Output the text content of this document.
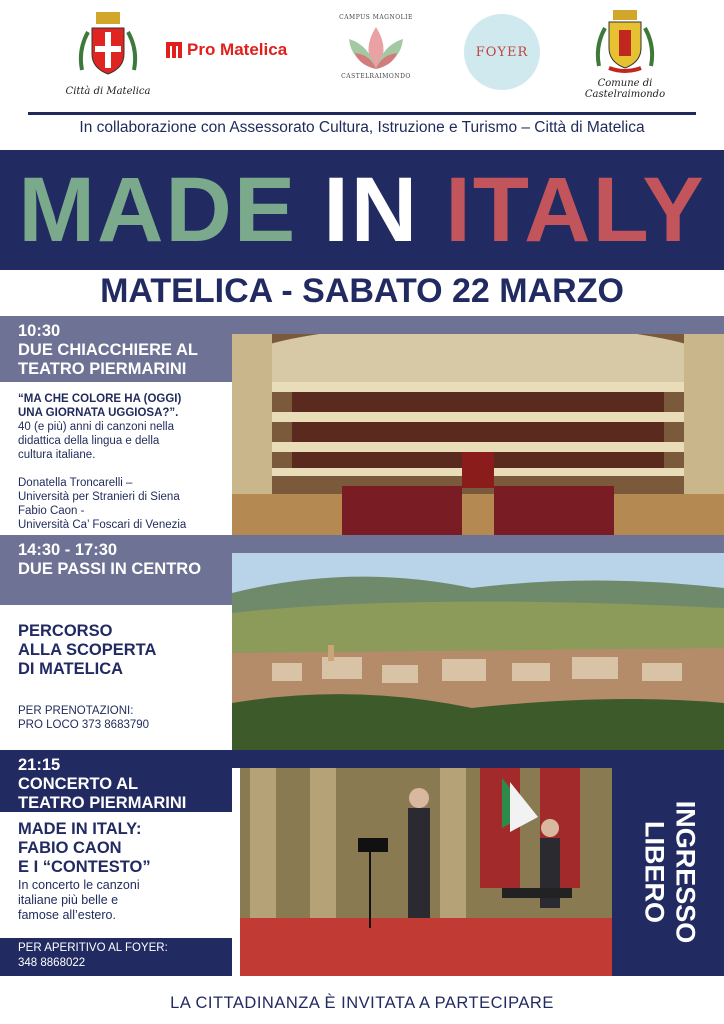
Città di Matelica
Pro Matelica
CAMPUS MAGNOLIE
CASTELRAIMONDO
FOYER
Comune di
Castelraimondo
In collaborazione con Assessorato Cultura, Istruzione e Turismo – Città di Matelica
MADE IN ITALY
MATELICA - SABATO 22 MARZO
10:30
DUE CHIACCHIERE AL
TEATRO PIERMARINI
“MA CHE COLORE HA (OGGI)
UNA GIORNATA UGGIOSA?”.
40 (e più) anni di canzoni nella
didattica della lingua e della
cultura italiane.
Donatella Troncarelli –
Università per Stranieri di Siena
Fabio Caon -
Università Ca’ Foscari di Venezia
14:30 - 17:30
DUE PASSI IN CENTRO
PERCORSO
ALLA SCOPERTA
DI MATELICA
PER PRENOTAZIONI:
PRO LOCO 373 8683790
21:15
CONCERTO AL
TEATRO PIERMARINI
MADE IN ITALY:
FABIO CAON
E I “CONTESTO”
In concerto le canzoni
italiane più belle e
famose all’estero.
PER APERITIVO AL FOYER:
348 8868022
INGRESSO
LIBERO
LA CITTADINANZA È INVITATA A PARTECIPARE
